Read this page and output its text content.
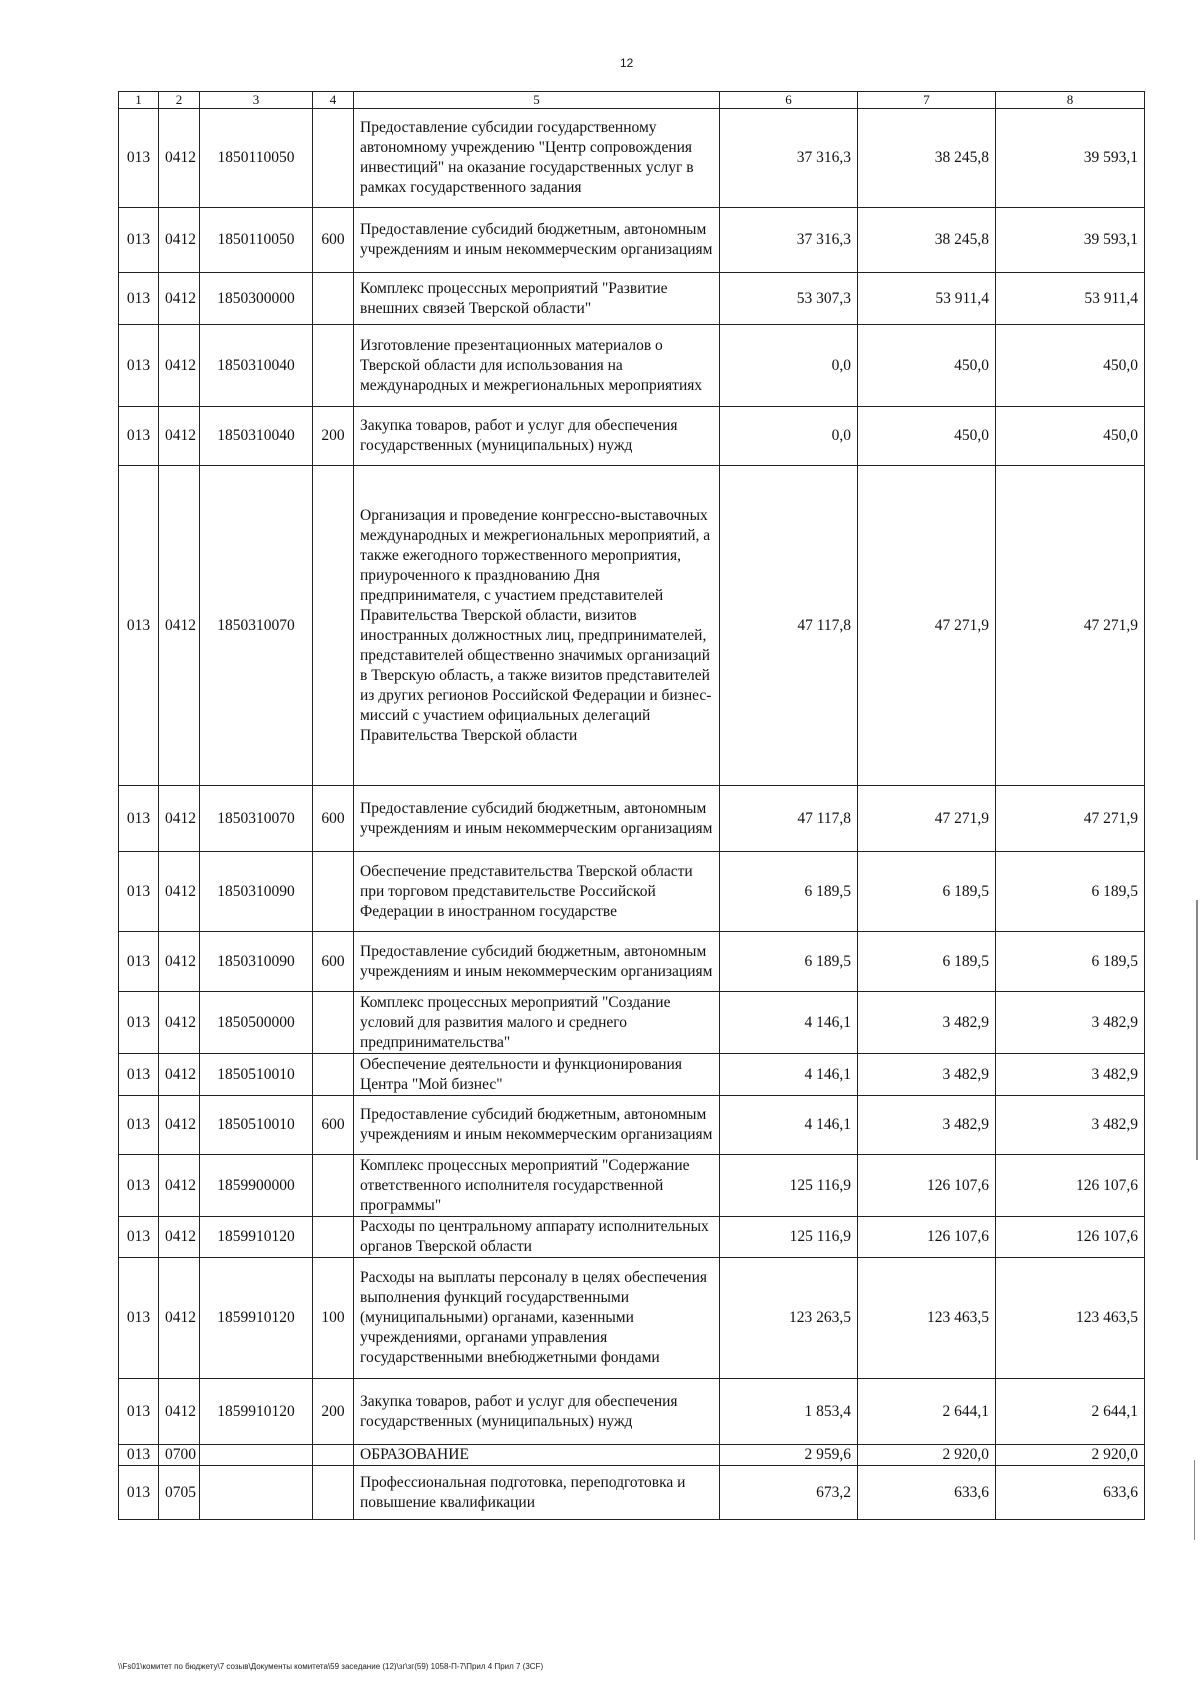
12
1	2	3	4	5	6	7	8
013	0412	1850110050		Предоставление субсидии государственному автономному учреждению "Центр сопровождения инвестиций" на оказание государственных услуг в рамках государственного задания	37 316,3	38 245,8	39 593,1
013	0412	1850110050	600	Предоставление субсидий бюджетным, автономным учреждениям и иным некоммерческим организациям	37 316,3	38 245,8	39 593,1
013	0412	1850300000		Комплекс процессных мероприятий "Развитие внешних связей Тверской области"	53 307,3	53 911,4	53 911,4
013	0412	1850310040		Изготовление презентационных материалов о Тверской области для использования на международных и межрегиональных мероприятиях	0,0	450,0	450,0
013	0412	1850310040	200	Закупка товаров, работ и услуг для обеспечения государственных (муниципальных) нужд	0,0	450,0	450,0
013	0412	1850310070		Организация и проведение конгрессно-выставочных международных и межрегиональных мероприятий, а также ежегодного торжественного мероприятия, приуроченного к празднованию Дня предпринимателя, с участием представителей Правительства Тверской области, визитов иностранных должностных лиц, предпринимателей, представителей общественно значимых организаций в Тверскую область, а также визитов представителей из других регионов Российской Федерации и бизнес-миссий с участием официальных делегаций Правительства Тверской области	47 117,8	47 271,9	47 271,9
013	0412	1850310070	600	Предоставление субсидий бюджетным, автономным учреждениям и иным некоммерческим организациям	47 117,8	47 271,9	47 271,9
013	0412	1850310090		Обеспечение представительства Тверской области при торговом представительстве Российской Федерации в иностранном государстве	6 189,5	6 189,5	6 189,5
013	0412	1850310090	600	Предоставление субсидий бюджетным, автономным учреждениям и иным некоммерческим организациям	6 189,5	6 189,5	6 189,5
013	0412	1850500000		Комплекс процессных мероприятий "Создание условий для развития малого и среднего предпринимательства"	4 146,1	3 482,9	3 482,9
013	0412	1850510010		Обеспечение деятельности и функционирования Центра "Мой бизнес"	4 146,1	3 482,9	3 482,9
013	0412	1850510010	600	Предоставление субсидий бюджетным, автономным учреждениям и иным некоммерческим организациям	4 146,1	3 482,9	3 482,9
013	0412	1859900000		Комплекс процессных мероприятий "Содержание ответственного исполнителя государственной программы"	125 116,9	126 107,6	126 107,6
013	0412	1859910120		Расходы по центральному аппарату исполнительных органов Тверской области	125 116,9	126 107,6	126 107,6
013	0412	1859910120	100	Расходы на выплаты персоналу в целях обеспечения выполнения функций государственными (муниципальными) органами, казенными учреждениями, органами управления государственными внебюджетными фондами	123 263,5	123 463,5	123 463,5
013	0412	1859910120	200	Закупка товаров, работ и услуг для обеспечения государственных (муниципальных) нужд	1 853,4	2 644,1	2 644,1
013	0700			ОБРАЗОВАНИЕ	2 959,6	2 920,0	2 920,0
013	0705			Профессиональная подготовка, переподготовка и повышение квалификации	673,2	633,6	633,6
\\Fs01\комитет по бюджету\7 созыв\Документы комитета\59 заседание (12)\зг\зг(59) 1058-П-7\Прил 4 Прил 7 (3CF)
